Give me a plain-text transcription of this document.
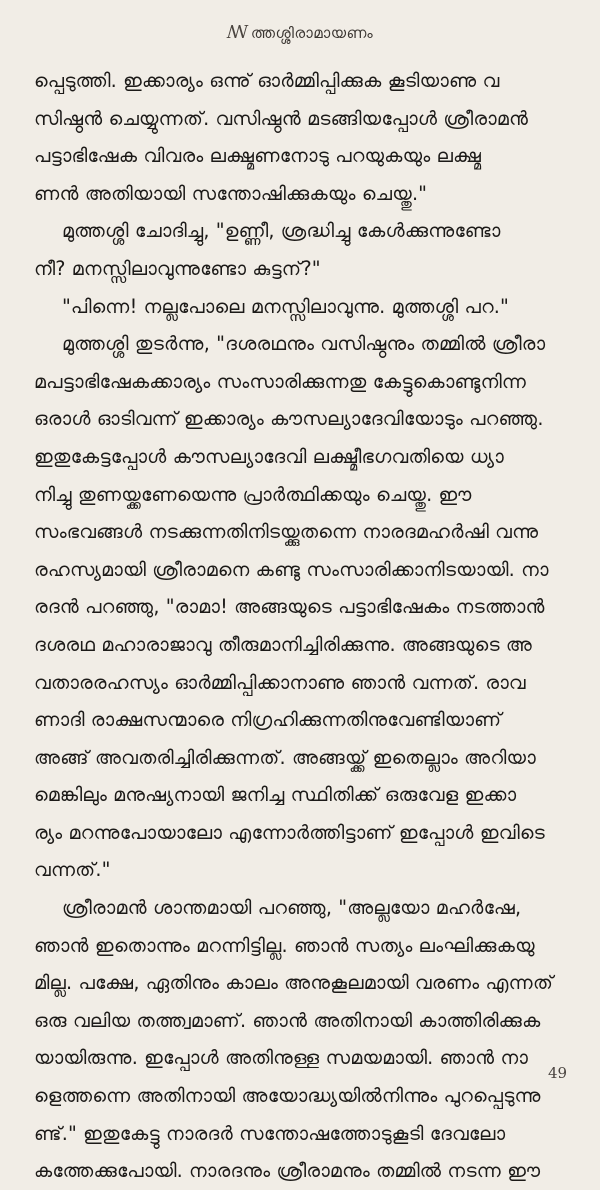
ꟿ ത്തശ്ശിരാമായണം
പ്പെടുത്തി. ഇക്കാര്യം ഒന്നു് ഓർമ്മിപ്പിക്കുക കൂടിയാണു വ
സിഷ്ഠൻ ചെയ്യുന്നത്. വസിഷ്ഠൻ മടങ്ങിയപ്പോൾ ശ്രീരാമൻ
പട്ടാഭിഷേക വിവരം ലക്ഷ്മണനോടു പറയുകയും ലക്ഷ്മ
ണൻ അതിയായി സന്തോഷിക്കുകയും ചെയ്തു."
മുത്തശ്ശി ചോദിച്ചു, "ഉണ്ണീ, ശ്രദ്ധിച്ചു കേൾക്കുന്നുണ്ടോ
നീ? മനസ്സിലാവുന്നുണ്ടോ കുട്ടന്?"
"പിന്നെ! നല്ലപോലെ മനസ്സിലാവുന്നു. മുത്തശ്ശി പറ."
മുത്തശ്ശി തുടർന്നു, "ദശരഥനും വസിഷ്ഠനും തമ്മിൽ ശ്രീരാ
മപട്ടാഭിഷേകക്കാര്യം സംസാരിക്കുന്നതു കേട്ടുകൊണ്ടുനിന്ന
ഒരാൾ ഓടിവന്ന് ഇക്കാര്യം കൗസല്യാദേവിയോടും പറഞ്ഞു.
ഇതുകേട്ടപ്പോൾ കൗസല്യാദേവി ലക്ഷ്മീഭഗവതിയെ ധ്യാ
നിച്ചു തുണയ്ക്കണേയെന്നു പ്രാർത്ഥിക്കയും ചെയ്തു. ഈ
സംഭവങ്ങൾ നടക്കുന്നതിനിടയ്ക്കുതന്നെ നാരദമഹർഷി വന്നു
രഹസ്യമായി ശ്രീരാമനെ കണ്ടു സംസാരിക്കാനിടയായി. നാ
രദൻ പറഞ്ഞു, "രാമാ! അങ്ങയുടെ പട്ടാഭിഷേകം നടത്താൻ
ദശരഥ മഹാരാജാവു തീരുമാനിച്ചിരിക്കുന്നു. അങ്ങയുടെ അ
വതാരരഹസ്യം ഓർമ്മിപ്പിക്കാനാണു ഞാൻ വന്നത്. രാവ
ണാദി രാക്ഷസന്മാരെ നിഗ്രഹിക്കുന്നതിനുവേണ്ടിയാണ്
അങ്ങ് അവതരിച്ചിരിക്കുന്നത്. അങ്ങയ്ക്ക് ഇതെല്ലാം അറിയാ
മെങ്കിലും മനുഷ്യനായി ജനിച്ച സ്ഥിതിക്ക് ഒരുവേള ഇക്കാ
ര്യം മറന്നുപോയാലോ എന്നോർത്തിട്ടാണ് ഇപ്പോൾ ഇവിടെ
വന്നത്."
ശ്രീരാമൻ ശാന്തമായി പറഞ്ഞു, "അല്ലയോ മഹർഷേ,
ഞാൻ ഇതൊന്നും മറന്നിട്ടില്ല. ഞാൻ സത്യം ലംഘിക്കുകയു
മില്ല. പക്ഷേ, ഏതിനും കാലം അനുകൂലമായി വരണം എന്നത്
ഒരു വലിയ തത്ത്വമാണ്. ഞാൻ അതിനായി കാത്തിരിക്കുക
യായിരുന്നു. ഇപ്പോൾ അതിനുള്ള സമയമായി. ഞാൻ നാ
ളെത്തന്നെ അതിനായി അയോദ്ധ്യയിൽനിന്നും പുറപ്പെടുന്നു
ണ്ട്." ഇതുകേട്ടു നാരദർ സന്തോഷത്തോടുകൂടി ദേവലോ
കത്തേക്കുപോയി. നാരദനും ശ്രീരാമനും തമ്മിൽ നടന്ന ഈ
49
